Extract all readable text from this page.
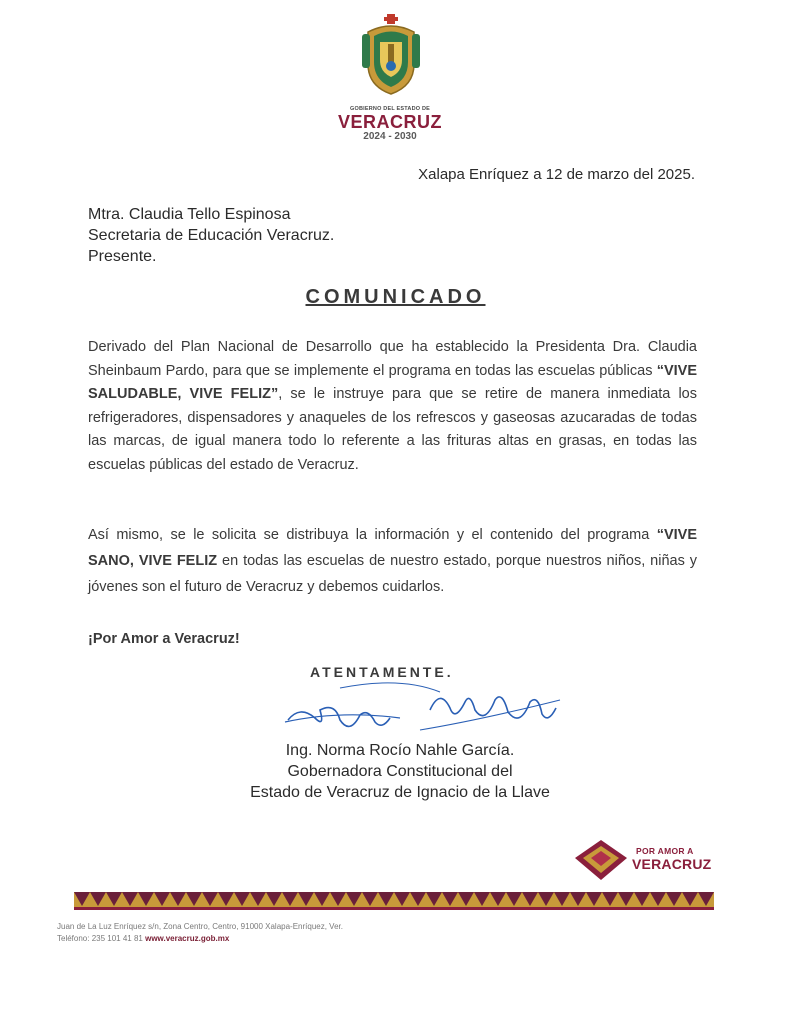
GOBIERNO DEL ESTADO DE
VERACRUZ
2024 - 2030
Xalapa Enríquez a 12 de marzo del 2025.
Mtra. Claudia Tello Espinosa
Secretaria de Educación Veracruz.
Presente.
COMUNICADO
Derivado del Plan Nacional de Desarrollo que ha establecido la Presidenta Dra. Claudia Sheinbaum Pardo, para que se implemente el programa en todas las escuelas públicas “VIVE SALUDABLE, VIVE FELIZ”, se le instruye para que se retire de manera inmediata los refrigeradores, dispensadores y anaqueles de los refrescos y gaseosas azucaradas de todas las marcas, de igual manera todo lo referente a las frituras altas en grasas, en todas las escuelas públicas del estado de Veracruz.
Así mismo, se le solicita se distribuya la información y el contenido del programa “VIVE SANO, VIVE FELIZ en todas las escuelas de nuestro estado, porque nuestros niños, niñas y jóvenes son el futuro de Veracruz y debemos cuidarlos.
¡Por Amor a Veracruz!
ATENTAMENTE.
Ing. Norma Rocío Nahle García.
Gobernadora Constitucional del
Estado de Veracruz de Ignacio de la Llave
POR AMOR A
VERACRUZ
Juan de La Luz Enríquez s/n, Zona Centro, Centro, 91000 Xalapa-Enríquez, Ver.
Teléfono: 235 101 41 81 www.veracruz.gob.mx
